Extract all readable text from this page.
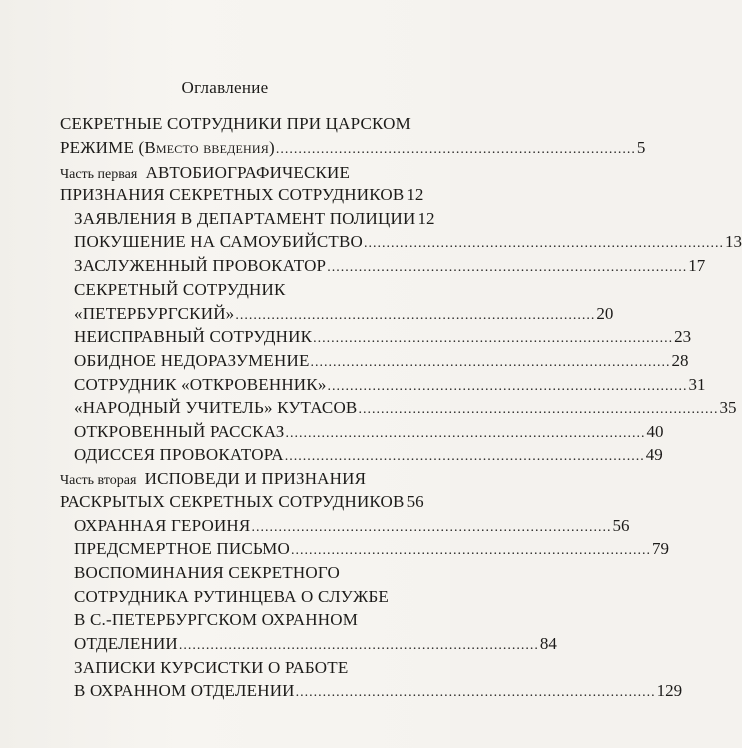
Оглавление
СЕКРЕТНЫЕ СОТРУДНИКИ ПРИ ЦАРСКОМ
РЕЖИМЕ (Вместо введения) ................................................................................ 5
Часть первая АВТОБИОГРАФИЧЕСКИЕ
ПРИЗНАНИЯ СЕКРЕТНЫХ СОТРУДНИКОВ 12
ЗАЯВЛЕНИЯ В ДЕПАРТАМЕНТ ПОЛИЦИИ 12
ПОКУШЕНИЕ НА САМОУБИЙСТВО ................................................................................ 13
ЗАСЛУЖЕННЫЙ ПРОВОКАТОР ................................................................................ 17
СЕКРЕТНЫЙ СОТРУДНИК
«ПЕТЕРБУРГСКИЙ» ................................................................................ 20
НЕИСПРАВНЫЙ СОТРУДНИК ................................................................................ 23
ОБИДНОЕ НЕДОРАЗУМЕНИЕ ................................................................................ 28
СОТРУДНИК «ОТКРОВЕННИК» ................................................................................ 31
«НАРОДНЫЙ УЧИТЕЛЬ» КУТАСОВ ................................................................................ 35
ОТКРОВЕННЫЙ РАССКАЗ ................................................................................ 40
ОДИССЕЯ ПРОВОКАТОРА ................................................................................ 49
Часть вторая ИСПОВЕДИ И ПРИЗНАНИЯ
РАСКРЫТЫХ СЕКРЕТНЫХ СОТРУДНИКОВ 56
ОХРАННАЯ ГЕРОИНЯ ................................................................................ 56
ПРЕДСМЕРТНОЕ ПИСЬМО ................................................................................ 79
ВОСПОМИНАНИЯ СЕКРЕТНОГО
СОТРУДНИКА РУТИНЦЕВА О СЛУЖБЕ
В С.-ПЕТЕРБУРГСКОМ ОХРАННОМ
ОТДЕЛЕНИИ ................................................................................ 84
ЗАПИСКИ КУРСИСТКИ О РАБОТЕ
В ОХРАННОМ ОТДЕЛЕНИИ ................................................................................ 129
